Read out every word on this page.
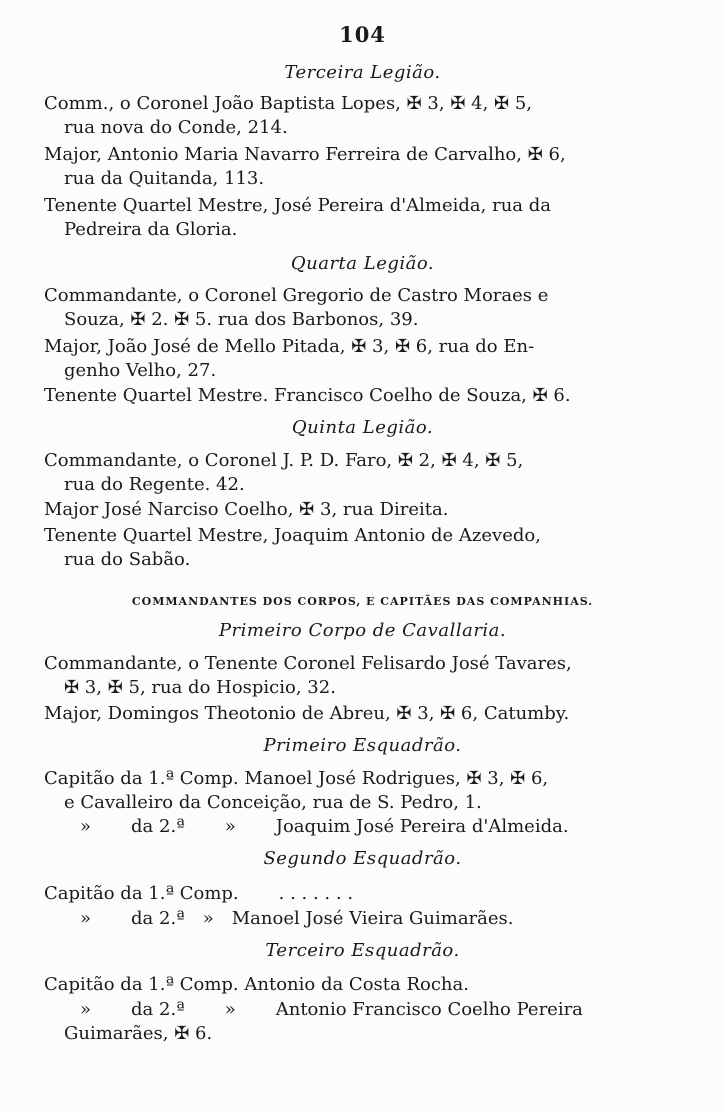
104
Terceira Legião.
Comm., o Coronel João Baptista Lopes, ✠ 3, ✠ 4, ✠ 5,
rua nova do Conde, 214.
Major, Antonio Maria Navarro Ferreira de Carvalho, ✠ 6,
rua da Quitanda, 113.
Tenente Quartel Mestre, José Pereira d'Almeida, rua da
Pedreira da Gloria.
Quarta Legião.
Commandante, o Coronel Gregorio de Castro Moraes e
Souza, ✠ 2. ✠ 5. rua dos Barbonos, 39.
Major, João José de Mello Pitada, ✠ 3, ✠ 6, rua do En-
genho Velho, 27.
Tenente Quartel Mestre. Francisco Coelho de Souza, ✠ 6.
Quinta Legião.
Commandante, o Coronel J. P. D. Faro, ✠ 2, ✠ 4, ✠ 5,
rua do Regente. 42.
Major José Narciso Coelho, ✠ 3, rua Direita.
Tenente Quartel Mestre, Joaquim Antonio de Azevedo,
rua do Sabão.
COMMANDANTES DOS CORPOS, E CAPITÃES DAS COMPANHIAS.
Primeiro Corpo de Cavallaria.
Commandante, o Tenente Coronel Felisardo José Tavares,
✠ 3, ✠ 5, rua do Hospicio, 32.
Major, Domingos Theotonio de Abreu, ✠ 3, ✠ 6, Catumby.
Primeiro Esquadrão.
Capitão da 1.ª Comp. Manoel José Rodrigues, ✠ 3, ✠ 6,
e Cavalleiro da Conceição, rua de S. Pedro, 1.
» da 2.ª » Joaquim José Pereira d'Almeida.
Segundo Esquadrão.
Capitão da 1.ª Comp. . . . . . . .
» da 2.ª » Manoel José Vieira Guimarães.
Terceiro Esquadrão.
Capitão da 1.ª Comp. Antonio da Costa Rocha.
» da 2.ª » Antonio Francisco Coelho Pereira
Guimarães, ✠ 6.
